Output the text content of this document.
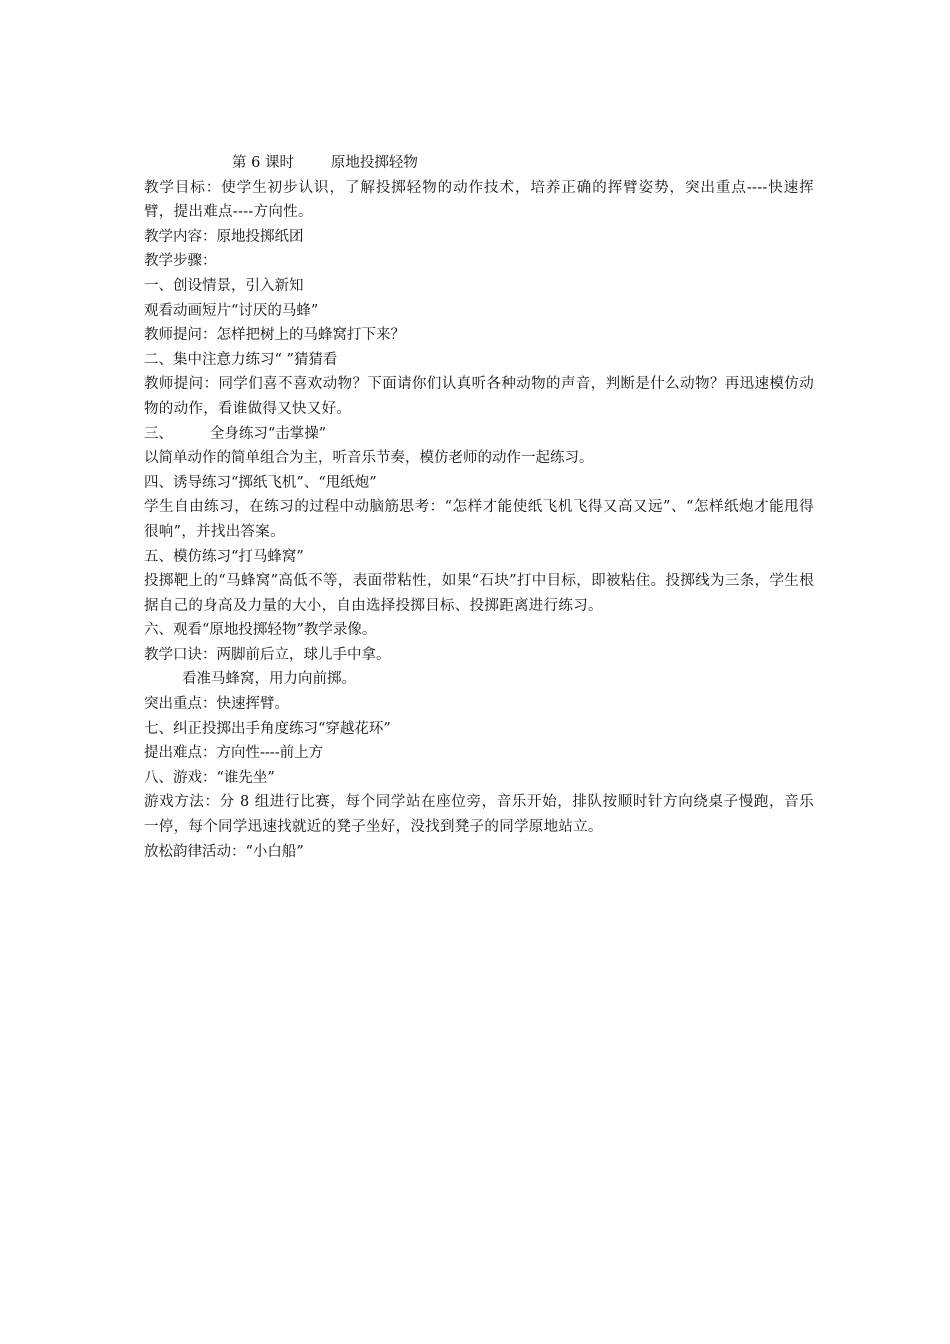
第 6 课时        原地投掷轻物
教学目标：使学生初步认识，了解投掷轻物的动作技术，培养正确的挥臂姿势，突出重点----快速挥臂，提出难点----方向性。
教学内容：原地投掷纸团
教学步骤：
一、创设情景，引入新知
观看动画短片“讨厌的马蜂”
教师提问：怎样把树上的马蜂窝打下来？
二、集中注意力练习“ ”猜猜看
教师提问：同学们喜不喜欢动物？下面请你们认真听各种动物的声音，判断是什么动物？再迅速模仿动物的动作，看谁做得又快又好。
三、        全身练习“击掌操”
以简单动作的简单组合为主，听音乐节奏，模仿老师的动作一起练习。
四、诱导练习“掷纸飞机”、“甩纸炮”
学生自由练习，在练习的过程中动脑筋思考：“怎样才能使纸飞机飞得又高又远”、“怎样纸炮才能甩得很响”，并找出答案。
五、模仿练习“打马蜂窝”
投掷靶上的“马蜂窝”高低不等，表面带粘性，如果“石块”打中目标，即被粘住。投掷线为三条，学生根据自己的身高及力量的大小，自由选择投掷目标、投掷距离进行练习。
六、观看“原地投掷轻物”教学录像。
教学口诀：两脚前后立，球儿手中拿。
看准马蜂窝，用力向前掷。
突出重点：快速挥臂。
七、纠正投掷出手角度练习“穿越花环”
提出难点：方向性----前上方
八、游戏：“谁先坐”
游戏方法：分 8 组进行比赛，每个同学站在座位旁，音乐开始，排队按顺时针方向绕桌子慢跑，音乐一停，每个同学迅速找就近的凳子坐好，没找到凳子的同学原地站立。
放松韵律活动：“小白船”
